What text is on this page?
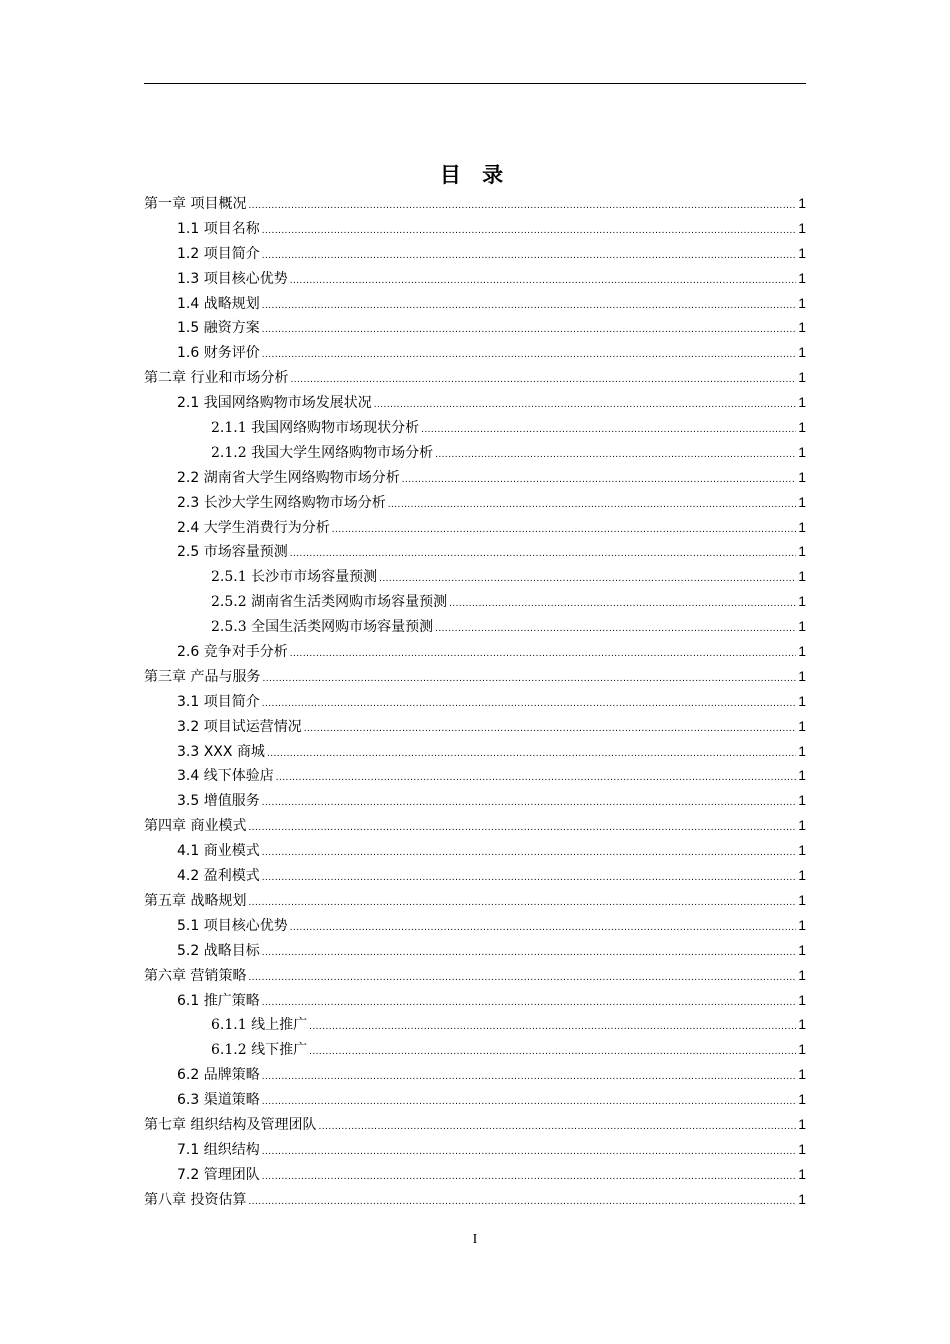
目 录
第一章 项目概况 .....	1
1.1 项目名称 .....	1
1.2 项目简介 .....	1
1.3 项目核心优势 .....	1
1.4 战略规划 .....	1
1.5 融资方案 .....	1
1.6 财务评价 .....	1
第二章 行业和市场分析 .....	1
2.1 我国网络购物市场发展状况 .....	1
2.1.1 我国网络购物市场现状分析 .....	1
2.1.2 我国大学生网络购物市场分析 .....	1
2.2 湖南省大学生网络购物市场分析 .....	1
2.3 长沙大学生网络购物市场分析 .....	1
2.4 大学生消费行为分析 .....	1
2.5 市场容量预测 .....	1
2.5.1 长沙市市场容量预测 .....	1
2.5.2 湖南省生活类网购市场容量预测 .....	1
2.5.3 全国生活类网购市场容量预测 .....	1
2.6 竞争对手分析 .....	1
第三章 产品与服务 .....	1
3.1 项目简介 .....	1
3.2 项目试运营情况 .....	1
3.3 XXX 商城 .....	1
3.4 线下体验店 .....	1
3.5 增值服务 .....	1
第四章 商业模式 .....	1
4.1 商业模式 .....	1
4.2 盈利模式 .....	1
第五章 战略规划 .....	1
5.1 项目核心优势 .....	1
5.2 战略目标 .....	1
第六章 营销策略 .....	1
6.1 推广策略 .....	1
6.1.1 线上推广 .....	1
6.1.2 线下推广 .....	1
6.2 品牌策略 .....	1
6.3 渠道策略 .....	1
第七章 组织结构及管理团队 .....	1
7.1 组织结构 .....	1
7.2 管理团队 .....	1
第八章 投资估算 .....	1
I
